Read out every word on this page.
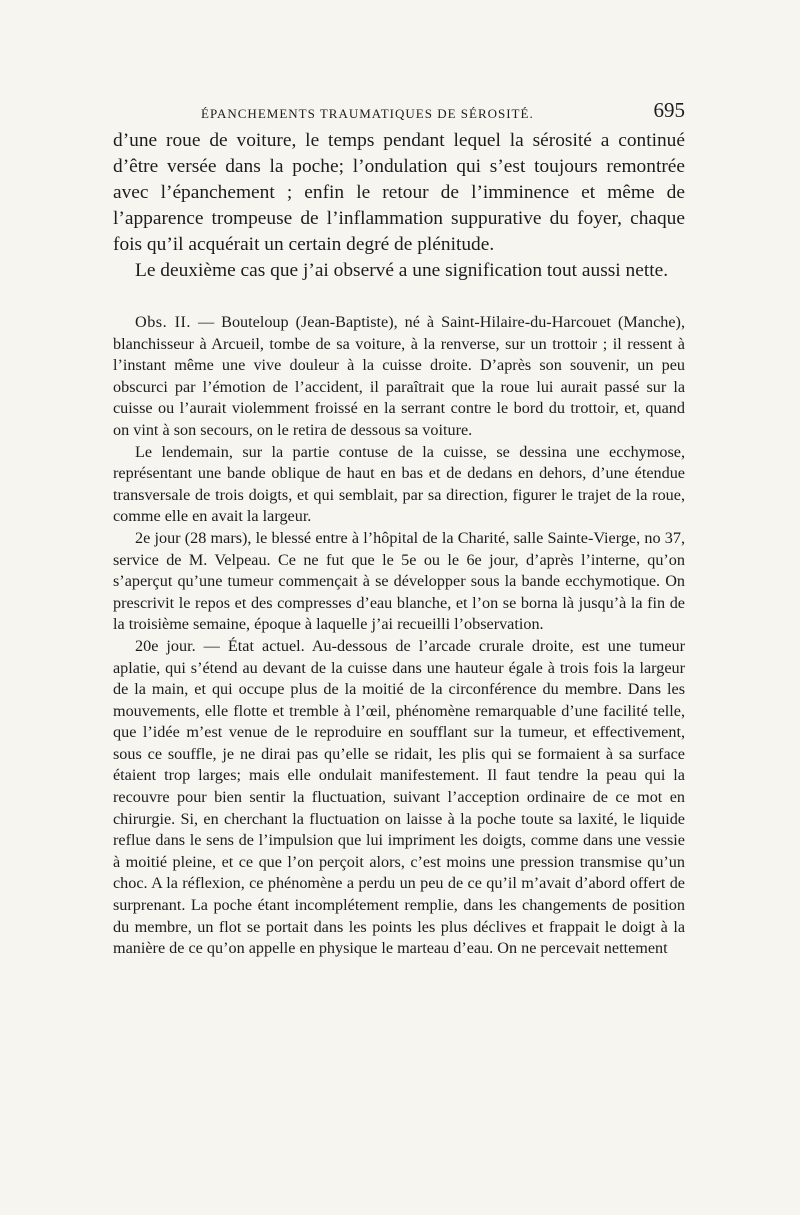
ÉPANCHEMENTS TRAUMATIQUES DE SÉROSITÉ.	695

d’une roue de voiture, le temps pendant lequel la sérosité a continué d’être versée dans la poche; l’ondulation qui s’est toujours remontrée avec l’épanchement ; enfin le retour de l’imminence et même de l’apparence trompeuse de l’inflammation suppurative du foyer, chaque fois qu’il acquérait un certain degré de plénitude.

Le deuxième cas que j’ai observé a une signification tout aussi nette.

Obs. II. — Bouteloup (Jean-Baptiste), né à Saint-Hilaire-du-Harcouet (Manche), blanchisseur à Arcueil, tombe de sa voiture, à la renverse, sur un trottoir ; il ressent à l’instant même une vive douleur à la cuisse droite. D’après son souvenir, un peu obscurci par l’émotion de l’accident, il paraîtrait que la roue lui aurait passé sur la cuisse ou l’aurait violemment froissé en la serrant contre le bord du trottoir, et, quand on vint à son secours, on le retira de dessous sa voiture.

Le lendemain, sur la partie contuse de la cuisse, se dessina une ecchymose, représentant une bande oblique de haut en bas et de dedans en dehors, d’une étendue transversale de trois doigts, et qui semblait, par sa direction, figurer le trajet de la roue, comme elle en avait la largeur.

2e jour (28 mars), le blessé entre à l’hôpital de la Charité, salle Sainte-Vierge, no 37, service de M. Velpeau. Ce ne fut que le 5e ou le 6e jour, d’après l’interne, qu’on s’aperçut qu’une tumeur commençait à se développer sous la bande ecchymotique. On prescrivit le repos et des compresses d’eau blanche, et l’on se borna là jusqu’à la fin de la troisième semaine, époque à laquelle j’ai recueilli l’observation.

20e jour. — État actuel. Au-dessous de l’arcade crurale droite, est une tumeur aplatie, qui s’étend au devant de la cuisse dans une hauteur égale à trois fois la largeur de la main, et qui occupe plus de la moitié de la circonférence du membre. Dans les mouvements, elle flotte et tremble à l’œil, phénomène remarquable d’une facilité telle, que l’idée m’est venue de le reproduire en soufflant sur la tumeur, et effectivement, sous ce souffle, je ne dirai pas qu’elle se ridait, les plis qui se formaient à sa surface étaient trop larges; mais elle ondulait manifestement. Il faut tendre la peau qui la recouvre pour bien sentir la fluctuation, suivant l’acception ordinaire de ce mot en chirurgie. Si, en cherchant la fluctuation on laisse à la poche toute sa laxité, le liquide reflue dans le sens de l’impulsion que lui impriment les doigts, comme dans une vessie à moitié pleine, et ce que l’on perçoit alors, c’est moins une pression transmise qu’un choc. A la réflexion, ce phénomène a perdu un peu de ce qu’il m’avait d’abord offert de surprenant. La poche étant incomplétement remplie, dans les changements de position du membre, un flot se portait dans les points les plus déclives et frappait le doigt à la manière de ce qu’on appelle en physique le marteau d’eau. On ne percevait nettement
